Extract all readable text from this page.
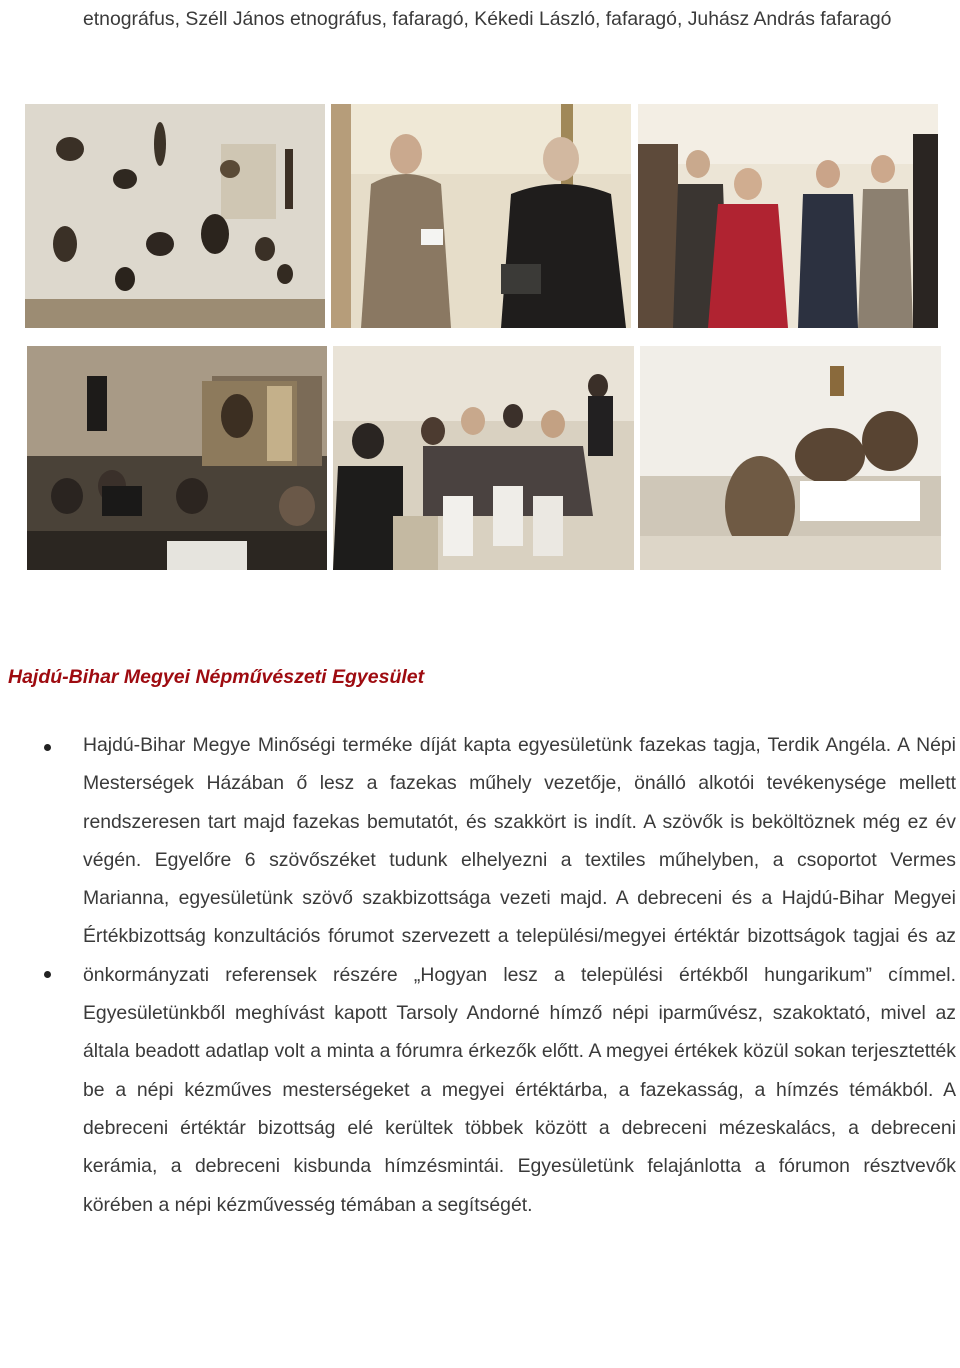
etnográfus, Széll János etnográfus, fafaragó, Kékedi László, fafaragó, Juhász András fafaragó

Hajdú-Bihar Megyei Népművészeti Egyesület

Hajdú-Bihar Megye Minőségi terméke díját kapta egyesületünk fazekas tagja, Terdik Angéla. A Népi Mesterségek Házában ő lesz a fazekas műhely vezetője, önálló alkotói tevékenysége mellett rendszeresen tart majd fazekas bemutatót, és szakkört is indít. A szövők is beköltöznek még ez év végén. Egyelőre 6 szövőszéket tudunk elhelyezni a textiles műhelyben, a csoportot Vermes Marianna, egyesületünk szövő szakbizottsága vezeti majd. A debreceni és a Hajdú-Bihar Megyei Értékbizottság konzultációs fórumot szervezett a települési/megyei értéktár bizottságok tagjai és az önkormányzati referensek részére „Hogyan lesz a települési értékből hungarikum” címmel. Egyesületünkből meghívást kapott Tarsoly Andorné hímző népi iparművész, szakoktató, mivel az általa beadott adatlap volt a minta a fórumra érkezők előtt. A megyei értékek közül sokan terjesztették be a népi kézműves mesterségeket a megyei értéktárba, a fazekasság, a hímzés témákból. A debreceni értéktár bizottság elé kerültek többek között a debreceni mézeskalács, a debreceni kerámia, a debreceni kisbunda hímzésmintái. Egyesületünk felajánlotta a fórumon résztvevők körében a népi kézművesség témában a segítségét.
